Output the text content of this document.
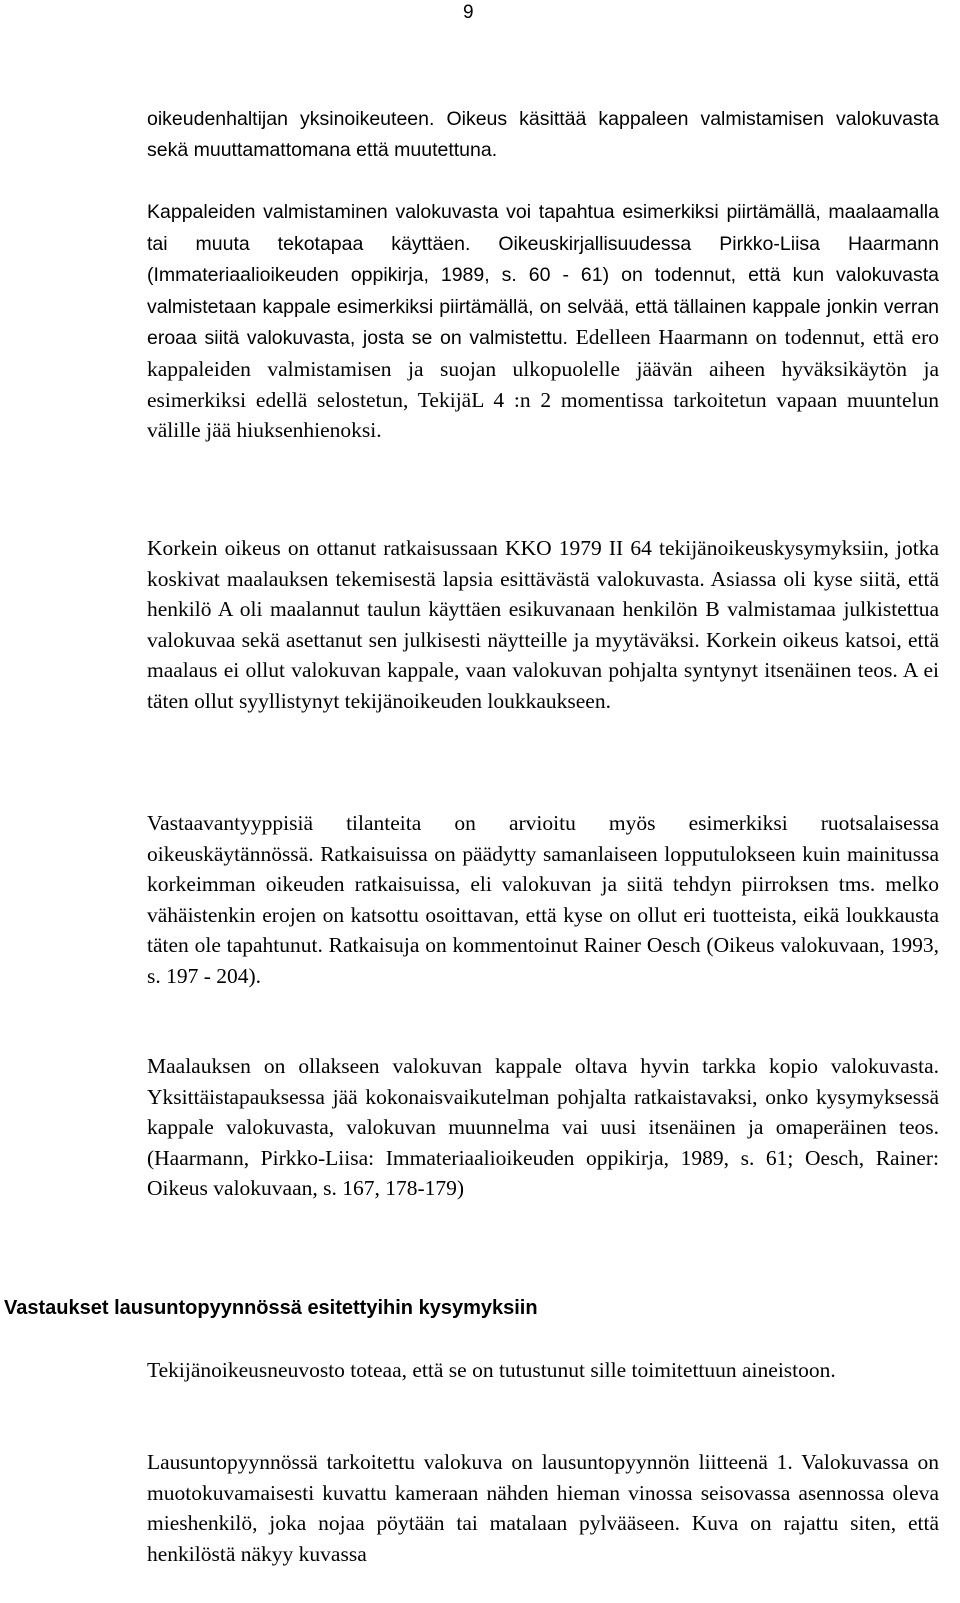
9

oikeudenhaltijan yksinoikeuteen. Oikeus käsittää kappaleen valmistamisen valokuvasta sekä muuttamattomana että muutettuna.

Kappaleiden valmistaminen valokuvasta voi tapahtua esimerkiksi piirtämällä, maalaamalla tai muuta tekotapaa käyttäen. Oikeuskirjallisuudessa Pirkko-Liisa Haarmann (Immateriaalioikeuden oppikirja, 1989, s. 60 - 61) on todennut, että kun valokuvasta valmistetaan kappale esimerkiksi piirtämällä, on selvää, että tällainen kappale jonkin verran eroaa siitä valokuvasta, josta se on valmistettu. Edelleen Haarmann on todennut, että ero kappaleiden valmistamisen ja suojan ulkopuolelle jäävän aiheen hyväksikäytön ja esimerkiksi edellä selostetun, TekijäL 4 :n 2 momentissa tarkoitetun vapaan muuntelun välille jää hiuksenhienoksi.

Korkein oikeus on ottanut ratkaisussaan KKO 1979 II 64 tekijänoikeuskysymyksiin, jotka koskivat maalauksen tekemisestä lapsia esittävästä valokuvasta. Asiassa oli kyse siitä, että henkilö A oli maalannut taulun käyttäen esikuvanaan henkilön B valmistamaa julkistettua valokuvaa sekä asettanut sen julkisesti näytteille ja myytäväksi. Korkein oikeus katsoi, että maalaus ei ollut valokuvan kappale, vaan valokuvan pohjalta syntynyt itsenäinen teos. A ei täten ollut syyllistynyt tekijänoikeuden loukkaukseen.

Vastaavantyyppisiä tilanteita on arvioitu myös esimerkiksi ruotsalaisessa oikeuskäytännössä. Ratkaisuissa on päädytty samanlaiseen lopputulokseen kuin mainitussa korkeimman oikeuden ratkaisuissa, eli valokuvan ja siitä tehdyn piirroksen tms. melko vähäistenkin erojen on katsottu osoittavan, että kyse on ollut eri tuotteista, eikä loukkausta täten ole tapahtunut. Ratkaisuja on kommentoinut Rainer Oesch (Oikeus valokuvaan, 1993, s. 197 - 204).

Maalauksen on ollakseen valokuvan kappale oltava hyvin tarkka kopio valokuvasta. Yksittäistapauksessa jää kokonaisvaikutelman pohjalta ratkaistavaksi, onko kysymyksessä kappale valokuvasta, valokuvan muunnelma vai uusi itsenäinen ja omaperäinen teos. (Haarmann, Pirkko-Liisa: Immateriaalioikeuden oppikirja, 1989, s. 61; Oesch, Rainer: Oikeus valokuvaan, s. 167, 178-179)

Vastaukset lausuntopyynnössä esitettyihin kysymyksiin

Tekijänoikeusneuvosto toteaa, että se on tutustunut sille toimitettuun aineistoon.

Lausuntopyynnössä tarkoitettu valokuva on lausuntopyynnön liitteenä 1. Valokuvassa on muotokuvamaisesti kuvattu kameraan nähden hieman vinossa seisovassa asennossa oleva mieshenkilö, joka nojaa pöytään tai matalaan pylvääseen. Kuva on rajattu siten, että henkilöstä näkyy kuvassa
